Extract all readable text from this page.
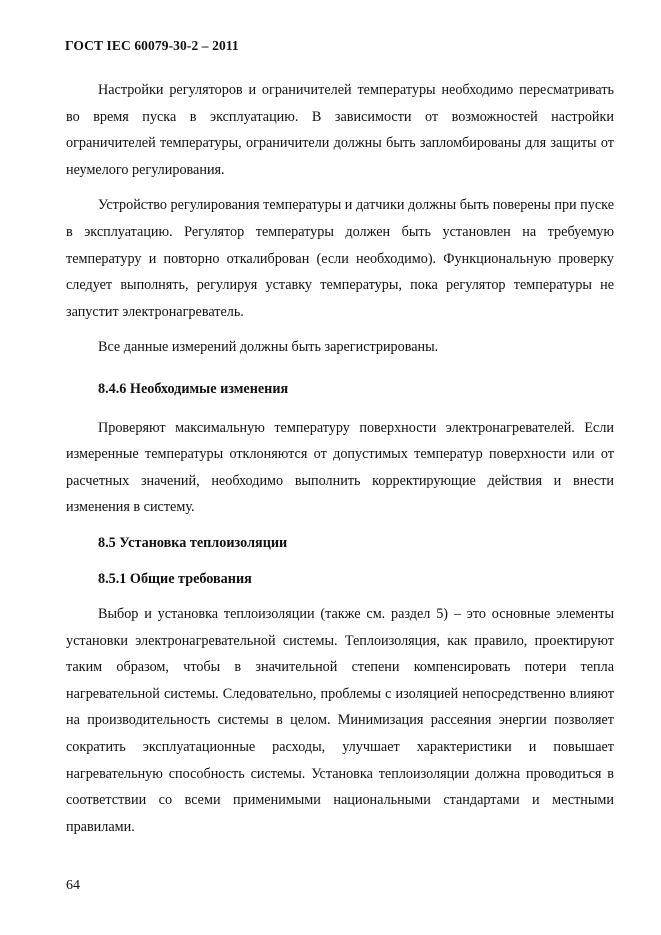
ГОСТ IEC 60079-30-2 – 2011

Настройки регуляторов и ограничителей температуры необходимо пересматривать во время пуска в эксплуатацию. В зависимости от возможностей настройки ограничителей температуры, ограничители должны быть запломбированы для защиты от неумелого регулирования.

Устройство регулирования температуры и датчики должны быть поверены при пуске в эксплуатацию. Регулятор температуры должен быть установлен на требуемую температуру и повторно откалиброван (если необходимо). Функциональную проверку следует выполнять, регулируя уставку температуры, пока регулятор температуры не запустит электронагреватель.

Все данные измерений должны быть зарегистрированы.

8.4.6 Необходимые изменения

Проверяют максимальную температуру поверхности электронагревателей. Если измеренные температуры отклоняются от допустимых температур поверхности или от расчетных значений, необходимо выполнить корректирующие действия и внести изменения в систему.

8.5 Установка теплоизоляции

8.5.1 Общие требования

Выбор и установка теплоизоляции (также см. раздел 5) – это основные элементы установки электронагревательной системы. Теплоизоляция, как правило, проектируют таким образом, чтобы в значительной степени компенсировать потери тепла нагревательной системы. Следовательно, проблемы с изоляцией непосредственно влияют на производительность системы в целом. Минимизация рассеяния энергии позволяет сократить эксплуатационные расходы, улучшает характеристики и повышает нагревательную способность системы. Установка теплоизоляции должна проводиться в соответствии со всеми применимыми национальными стандартами и местными правилами.

64
